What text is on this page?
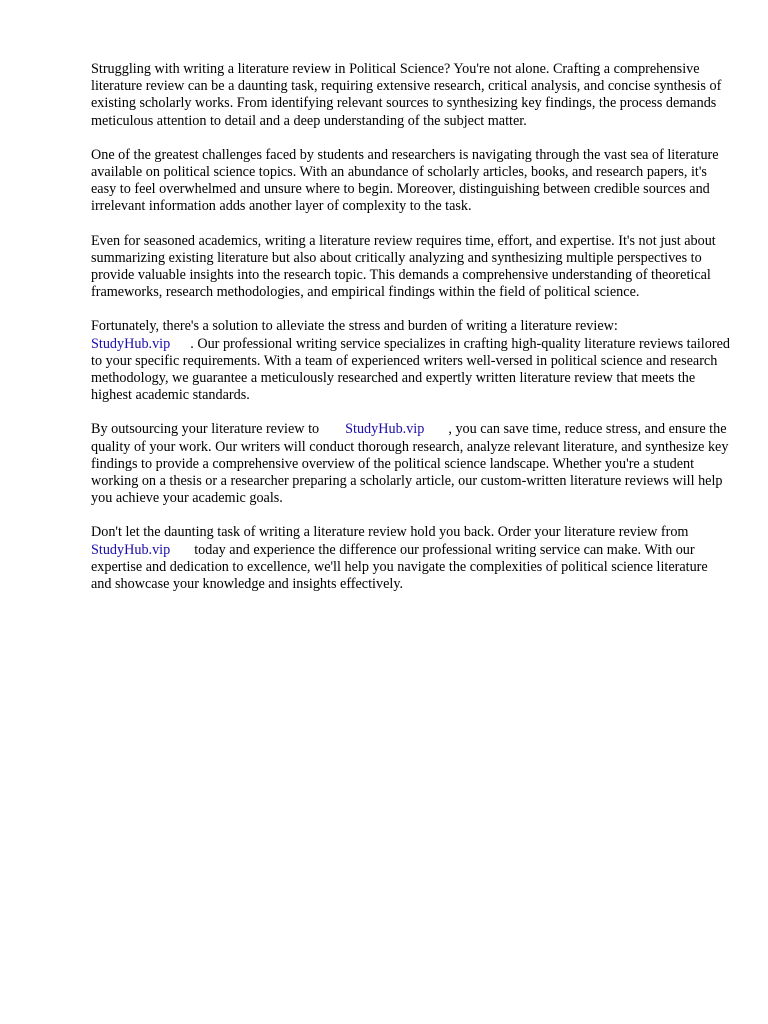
Struggling with writing a literature review in Political Science? You're not alone. Crafting a comprehensive literature review can be a daunting task, requiring extensive research, critical analysis, and concise synthesis of existing scholarly works. From identifying relevant sources to synthesizing key findings, the process demands meticulous attention to detail and a deep understanding of the subject matter.

One of the greatest challenges faced by students and researchers is navigating through the vast sea of literature available on political science topics. With an abundance of scholarly articles, books, and research papers, it's easy to feel overwhelmed and unsure where to begin. Moreover, distinguishing between credible sources and irrelevant information adds another layer of complexity to the task.

Even for seasoned academics, writing a literature review requires time, effort, and expertise. It's not just about summarizing existing literature but also about critically analyzing and synthesizing multiple perspectives to provide valuable insights into the research topic. This demands a comprehensive understanding of theoretical frameworks, research methodologies, and empirical findings within the field of political science.

Fortunately, there's a solution to alleviate the stress and burden of writing a literature review:
StudyHub.vip . Our professional writing service specializes in crafting high-quality literature reviews tailored to your specific requirements. With a team of experienced writers well-versed in political science and research methodology, we guarantee a meticulously researched and expertly written literature review that meets the highest academic standards.

By outsourcing your literature review to StudyHub.vip , you can save time, reduce stress, and ensure the quality of your work. Our writers will conduct thorough research, analyze relevant literature, and synthesize key findings to provide a comprehensive overview of the political science landscape. Whether you're a student working on a thesis or a researcher preparing a scholarly article, our custom-written literature reviews will help you achieve your academic goals.

Don't let the daunting task of writing a literature review hold you back. Order your literature review fromStudyHub.vip today and experience the difference our professional writing service can make. With our expertise and dedication to excellence, we'll help you navigate the complexities of political science literature and showcase your knowledge and insights effectively.
